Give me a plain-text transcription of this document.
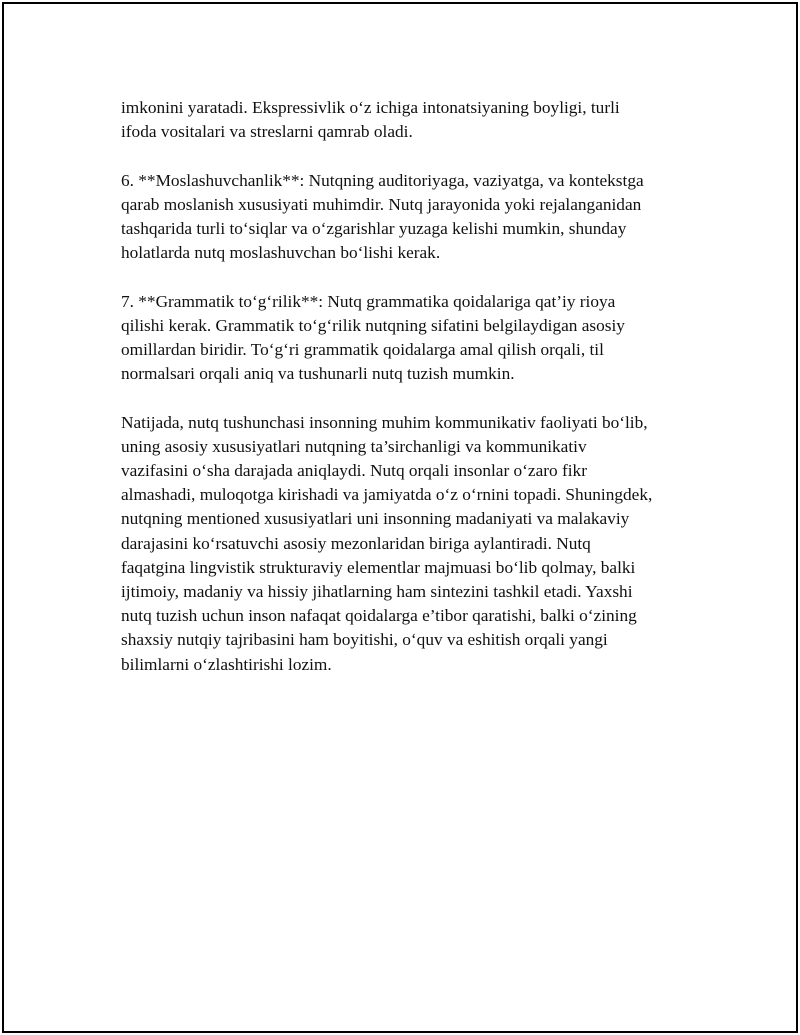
imkonini yaratadi. Ekspressivlik o‘z ichiga intonatsiyaning boyligi, turli
ifoda vositalari va streslarni qamrab oladi.

6. **Moslashuvchanlik**: Nutqning auditoriyaga, vaziyatga, va kontekstga
qarab moslanish xususiyati muhimdir. Nutq jarayonida yoki rejalanganidan
tashqarida turli to‘siqlar va o‘zgarishlar yuzaga kelishi mumkin, shunday
holatlarda nutq moslashuvchan bo‘lishi kerak.

7. **Grammatik to‘g‘rilik**: Nutq grammatika qoidalariga qat’iy rioya
qilishi kerak. Grammatik to‘g‘rilik nutqning sifatini belgilaydigan asosiy
omillardan biridir. To‘g‘ri grammatik qoidalarga amal qilish orqali, til
normalsari orqali aniq va tushunarli nutq tuzish mumkin.

Natijada, nutq tushunchasi insonning muhim kommunikativ faoliyati bo‘lib,
uning asosiy xususiyatlari nutqning ta’sirchanligi va kommunikativ
vazifasini o‘sha darajada aniqlaydi. Nutq orqali insonlar o‘zaro fikr
almashadi, muloqotga kirishadi va jamiyatda o‘z o‘rnini topadi. Shuningdek,
nutqning mentioned xususiyatlari uni insonning madaniyati va malakaviy
darajasini ko‘rsatuvchi asosiy mezonlaridan biriga aylantiradi. Nutq
faqatgina lingvistik strukturaviy elementlar majmuasi bo‘lib qolmay, balki
ijtimoiy, madaniy va hissiy jihatlarning ham sintezini tashkil etadi. Yaxshi
nutq tuzish uchun inson nafaqat qoidalarga e’tibor qaratishi, balki o‘zining
shaxsiy nutqiy tajribasini ham boyitishi, o‘quv va eshitish orqali yangi
bilimlarni o‘zlashtirishi lozim.
